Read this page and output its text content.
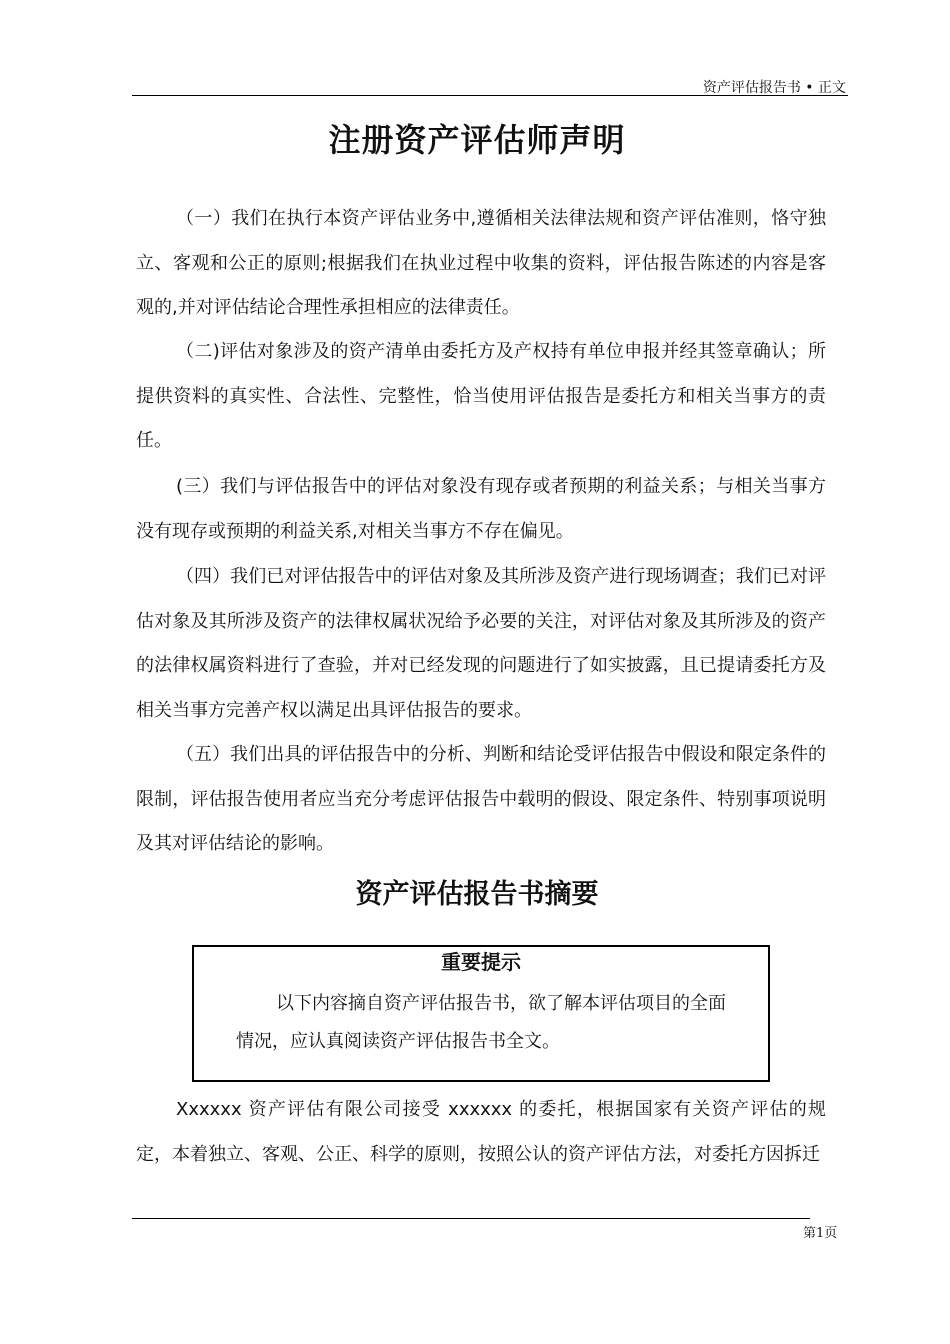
资产评估报告书 • 正文
注册资产评估师声明

（一）我们在执行本资产评估业务中,遵循相关法律法规和资产评估准则，恪守独立、客观和公正的原则;根据我们在执业过程中收集的资料，评估报告陈述的内容是客观的,并对评估结论合理性承担相应的法律责任。

（二)评估对象涉及的资产清单由委托方及产权持有单位申报并经其签章确认；所提供资料的真实性、合法性、完整性，恰当使用评估报告是委托方和相关当事方的责任。

(三）我们与评估报告中的评估对象没有现存或者预期的利益关系；与相关当事方没有现存或预期的利益关系,对相关当事方不存在偏见。

（四）我们已对评估报告中的评估对象及其所涉及资产进行现场调查；我们已对评估对象及其所涉及资产的法律权属状况给予必要的关注，对评估对象及其所涉及的资产的法律权属资料进行了查验，并对已经发现的问题进行了如实披露，且已提请委托方及相关当事方完善产权以满足出具评估报告的要求。

（五）我们出具的评估报告中的分析、判断和结论受评估报告中假设和限定条件的限制，评估报告使用者应当充分考虑评估报告中载明的假设、限定条件、特别事项说明及其对评估结论的影响。

资产评估报告书摘要
重要提示

以下内容摘自资产评估报告书，欲了解本评估项目的全面情况，应认真阅读资产评估报告书全文。

Xxxxxx 资产评估有限公司接受 xxxxxx 的委托，根据国家有关资产评估的规定，本着独立、客观、公正、科学的原则，按照公认的资产评估方法，对委托方因拆迁

第1页
